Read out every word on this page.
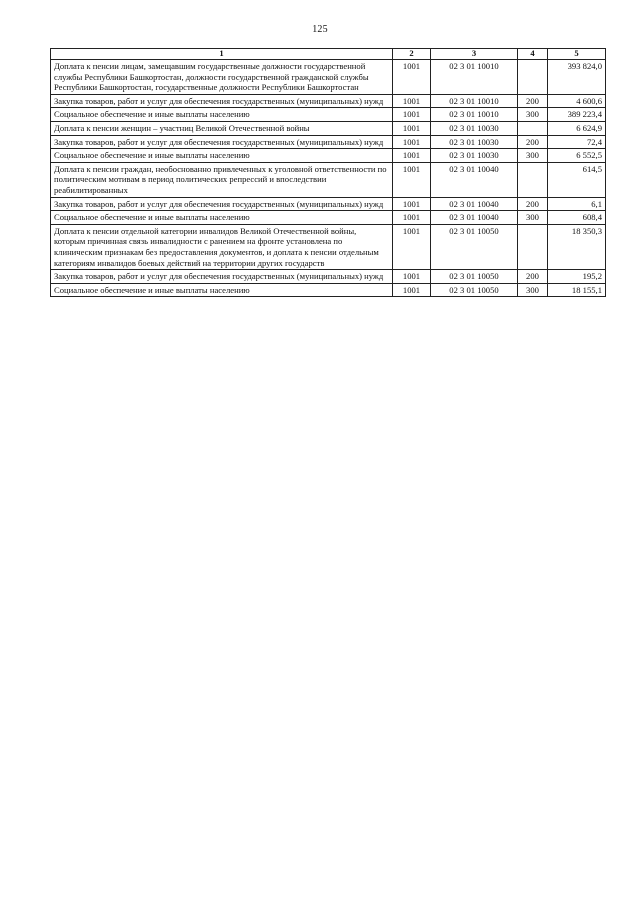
125
1	2	3	4	5
Доплата к пенсии лицам, замещавшим государственные должности государственной службы Республики Башкортостан, должности государственной гражданской службы Республики Башкортостан, государственные должности Республики Башкортостан	1001	02 3 01 10010		393 824,0
Закупка товаров, работ и услуг для обеспечения государственных (муниципальных) нужд	1001	02 3 01 10010	200	4 600,6
Социальное обеспечение и иные выплаты населению	1001	02 3 01 10010	300	389 223,4
Доплата к пенсии женщин – участниц Великой Отечественной войны	1001	02 3 01 10030		6 624,9
Закупка товаров, работ и услуг для обеспечения государственных (муниципальных) нужд	1001	02 3 01 10030	200	72,4
Социальное обеспечение и иные выплаты населению	1001	02 3 01 10030	300	6 552,5
Доплата к пенсии граждан, необоснованно привлеченных к уголовной ответственности по политическим мотивам в период политических репрессий и впоследствии реабилитированных	1001	02 3 01 10040		614,5
Закупка товаров, работ и услуг для обеспечения государственных (муниципальных) нужд	1001	02 3 01 10040	200	6,1
Социальное обеспечение и иные выплаты населению	1001	02 3 01 10040	300	608,4
Доплата к пенсии отдельной категории инвалидов Великой Отечественной войны, которым причинная связь инвалидности с ранением на фронте установлена по клиническим признакам без предоставления документов, и доплата к пенсии отдельным категориям инвалидов боевых действий на территории других государств	1001	02 3 01 10050		18 350,3
Закупка товаров, работ и услуг для обеспечения государственных (муниципальных) нужд	1001	02 3 01 10050	200	195,2
Социальное обеспечение и иные выплаты населению	1001	02 3 01 10050	300	18 155,1
